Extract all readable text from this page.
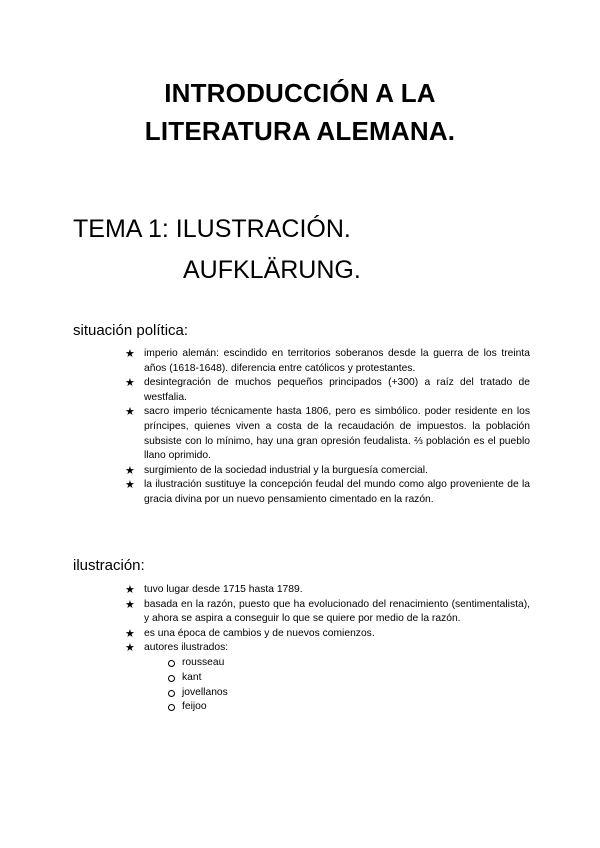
INTRODUCCIÓN A LA
LITERATURA ALEMANA.
TEMA 1: ILUSTRACIÓN.
AUFKLÄRUNG.
situación política:
★ imperio alemán: escindido en territorios soberanos desde la guerra de los treinta años (1618-1648). diferencia entre católicos y protestantes.
★ desintegración de muchos pequeños principados (+300) a raíz del tratado de westfalia.
★ sacro imperio técnicamente hasta 1806, pero es simbólico. poder residente en los príncipes, quienes viven a costa de la recaudación de impuestos. la población subsiste con lo mínimo, hay una gran opresión feudalista. ⅔ población es el pueblo llano oprimido.
★ surgimiento de la sociedad industrial y la burguesía comercial.
★ la ilustración sustituye la concepción feudal del mundo como algo proveniente de la gracia divina por un nuevo pensamiento cimentado en la razón.
ilustración:
★ tuvo lugar desde 1715 hasta 1789.
★ basada en la razón, puesto que ha evolucionado del renacimiento (sentimentalista), y ahora se aspira a conseguir lo que se quiere por medio de la razón.
★ es una época de cambios y de nuevos comienzos.
★ autores ilustrados:
rousseau
kant
jovellanos
feijoo
